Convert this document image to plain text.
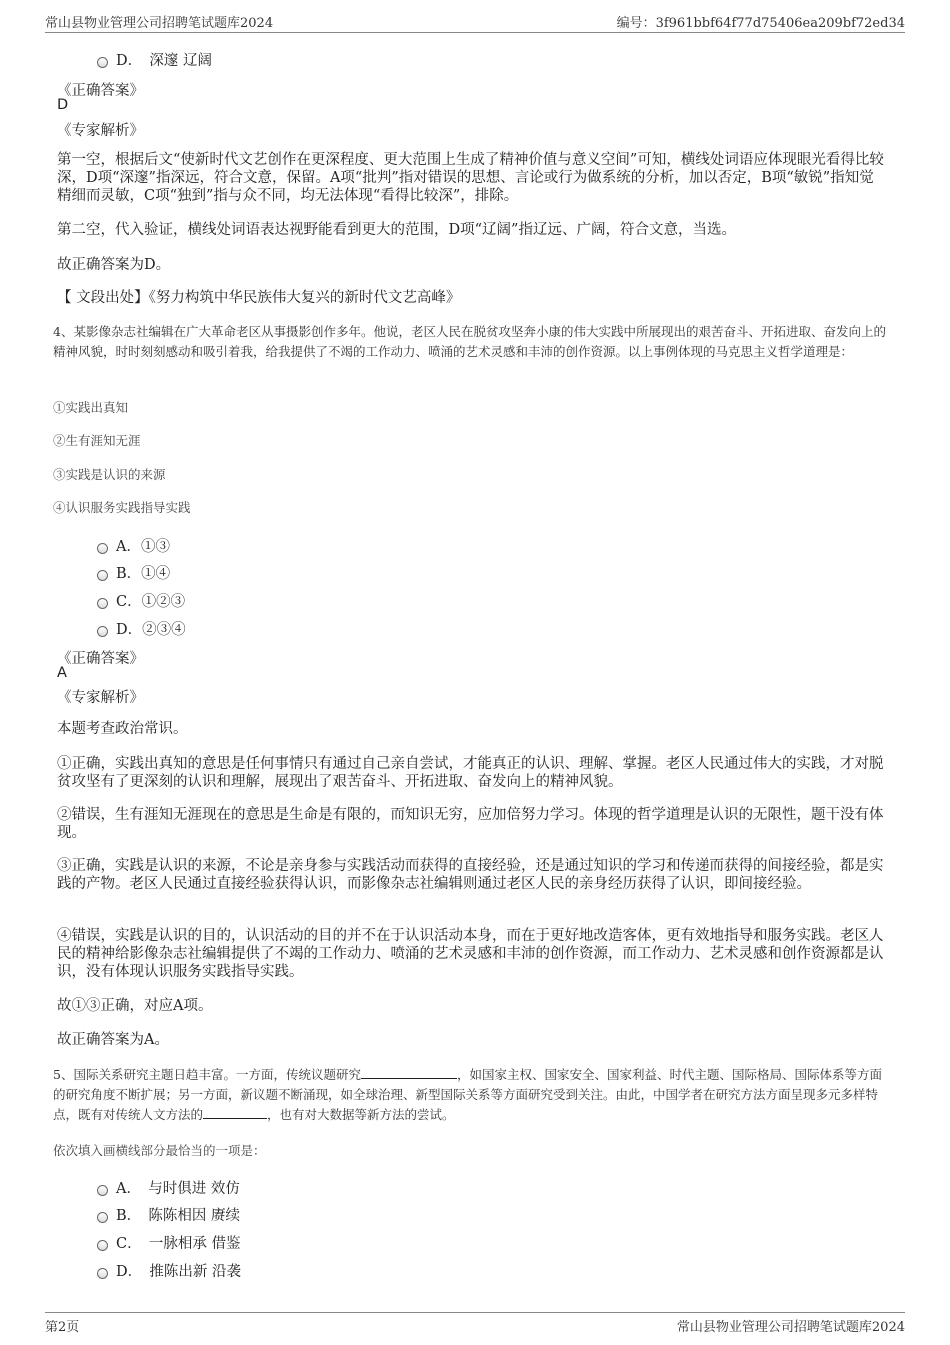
常山县物业管理公司招聘笔试题库2024	编号：3f961bbf64f77d75406ea209bf72ed34
D．　深邃 辽阔
《正确答案》
D
《专家解析》
第一空，根据后文“使新时代文艺创作在更深程度、更大范围上生成了精神价值与意义空间”可知，横线处词语应体现眼光看得比较深，D项“深邃”指深远，符合文意，保留。A项“批判”指对错误的思想、言论或行为做系统的分析，加以否定，B项“敏锐”指知觉精细而灵敏，C项“独到”指与众不同，均无法体现“看得比较深”，排除。
第二空，代入验证，横线处词语表达视野能看到更大的范围，D项“辽阔”指辽远、广阔，符合文意，当选。
故正确答案为D。
【 文段出处】《努力构筑中华民族伟大复兴的新时代文艺高峰》
4、某影像杂志社编辑在广大革命老区从事摄影创作多年。他说，老区人民在脱贫攻坚奔小康的伟大实践中所展现出的艰苦奋斗、开拓进取、奋发向上的精神风貌，时时刻刻感动和吸引着我，给我提供了不竭的工作动力、喷涌的艺术灵感和丰沛的创作资源。以上事例体现的马克思主义哲学道理是：
①实践出真知
②生有涯知无涯
③实践是认识的来源
④认识服务实践指导实践
A．①③
B．①④
C．①②③
D．②③④
《正确答案》
A
《专家解析》
本题考查政治常识。
①正确，实践出真知的意思是任何事情只有通过自己亲自尝试，才能真正的认识、理解、掌握。老区人民通过伟大的实践，才对脱贫攻坚有了更深刻的认识和理解，展现出了艰苦奋斗、开拓进取、奋发向上的精神风貌。
②错误，生有涯知无涯现在的意思是生命是有限的，而知识无穷，应加倍努力学习。体现的哲学道理是认识的无限性，题干没有体现。
③正确，实践是认识的来源，不论是亲身参与实践活动而获得的直接经验，还是通过知识的学习和传递而获得的间接经验，都是实践的产物。老区人民通过直接经验获得认识，而影像杂志社编辑则通过老区人民的亲身经历获得了认识，即间接经验。
④错误，实践是认识的目的，认识活动的目的并不在于认识活动本身，而在于更好地改造客体，更有效地指导和服务实践。老区人民的精神给影像杂志社编辑提供了不竭的工作动力、喷涌的艺术灵感和丰沛的创作资源，而工作动力、艺术灵感和创作资源都是认识，没有体现认识服务实践指导实践。
故①③正确，对应A项。
故正确答案为A。
5、国际关系研究主题日趋丰富。一方面，传统议题研究	，如国家主权、国家安全、国家利益、时代主题、国际格局、国际体系等方面的研究角度不断扩展；另一方面，新议题不断涌现，如全球治理、新型国际关系等方面研究受到关注。由此，中国学者在研究方法方面呈现多元多样特点，既有对传统人文方法的	，也有对大数据等新方法的尝试。
依次填入画横线部分最恰当的一项是：
A．　与时俱进 效仿
B．　陈陈相因 赓续
C．　一脉相承 借鉴
D．　推陈出新 沿袭
第2页	常山县物业管理公司招聘笔试题库2024
